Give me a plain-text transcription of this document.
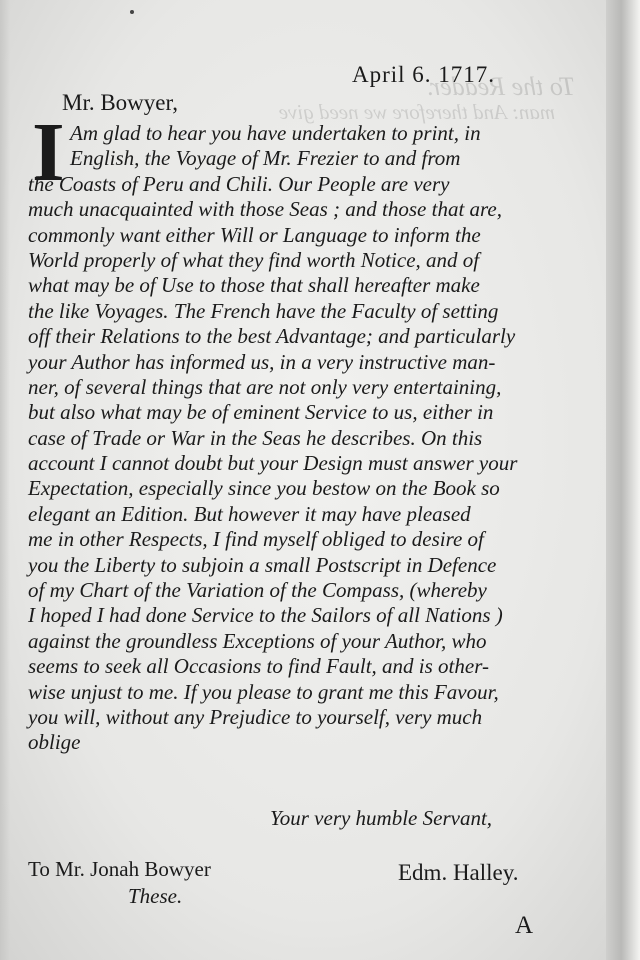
To the Reader.
man: And therefore we need give
April 6. 1717.
Mr. Bowyer,
I Am glad to hear you have undertaken to print, in
English, the Voyage of Mr. Frezier to and from
the Coasts of Peru and Chili. Our People are very
much unacquainted with those Seas ; and those that are,
commonly want either Will or Language to inform the
World properly of what they find worth Notice, and of
what may be of Use to those that shall hereafter make
the like Voyages. The French have the Faculty of setting
off their Relations to the best Advantage; and particularly
your Author has informed us, in a very instructive man-
ner, of several things that are not only very entertaining,
but also what may be of eminent Service to us, either in
case of Trade or War in the Seas he describes. On this
account I cannot doubt but your Design must answer your
Expectation, especially since you bestow on the Book so
elegant an Edition. But however it may have pleased
me in other Respects, I find myself obliged to desire of
you the Liberty to subjoin a small Postscript in Defence
of my Chart of the Variation of the Compass, (whereby
I hoped I had done Service to the Sailors of all Nations )
against the groundless Exceptions of your Author, who
seems to seek all Occasions to find Fault, and is other-
wise unjust to me. If you please to grant me this Favour,
you will, without any Prejudice to yourself, very much
oblige
Your very humble Servant,
To Mr. Jonah Bowyer
These.
Edm. Halley.
A
